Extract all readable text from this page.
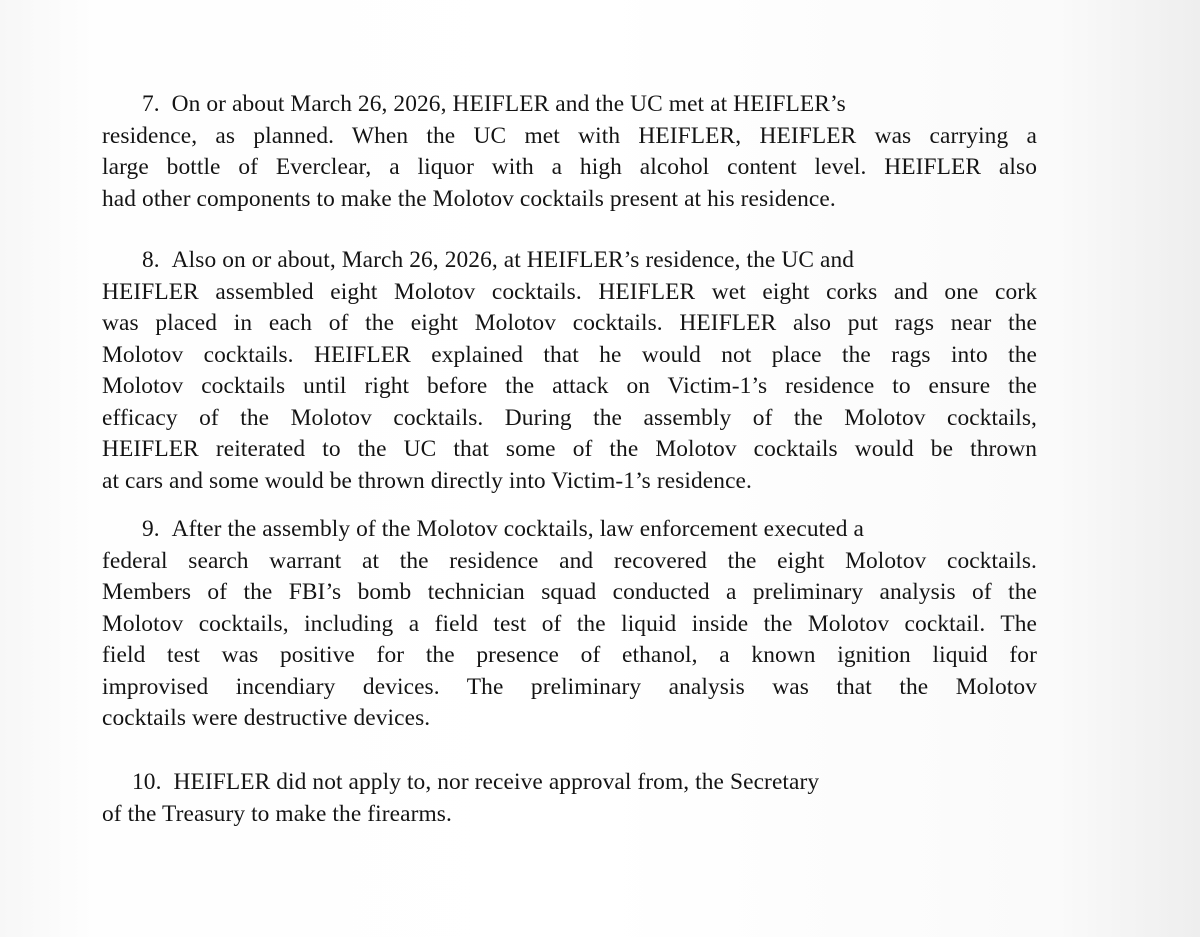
7. On or about March 26, 2026, HEIFLER and the UC met at HEIFLER’s
residence, as planned. When the UC met with HEIFLER, HEIFLER was carrying a
large bottle of Everclear, a liquor with a high alcohol content level. HEIFLER also
had other components to make the Molotov cocktails present at his residence.
8. Also on or about, March 26, 2026, at HEIFLER’s residence, the UC and
HEIFLER assembled eight Molotov cocktails. HEIFLER wet eight corks and one cork
was placed in each of the eight Molotov cocktails. HEIFLER also put rags near the
Molotov cocktails. HEIFLER explained that he would not place the rags into the
Molotov cocktails until right before the attack on Victim-1’s residence to ensure the
efficacy of the Molotov cocktails. During the assembly of the Molotov cocktails,
HEIFLER reiterated to the UC that some of the Molotov cocktails would be thrown
at cars and some would be thrown directly into Victim-1’s residence.
9. After the assembly of the Molotov cocktails, law enforcement executed a
federal search warrant at the residence and recovered the eight Molotov cocktails.
Members of the FBI’s bomb technician squad conducted a preliminary analysis of the
Molotov cocktails, including a field test of the liquid inside the Molotov cocktail. The
field test was positive for the presence of ethanol, a known ignition liquid for
improvised incendiary devices. The preliminary analysis was that the Molotov
cocktails were destructive devices.
10. HEIFLER did not apply to, nor receive approval from, the Secretary
of the Treasury to make the firearms.
